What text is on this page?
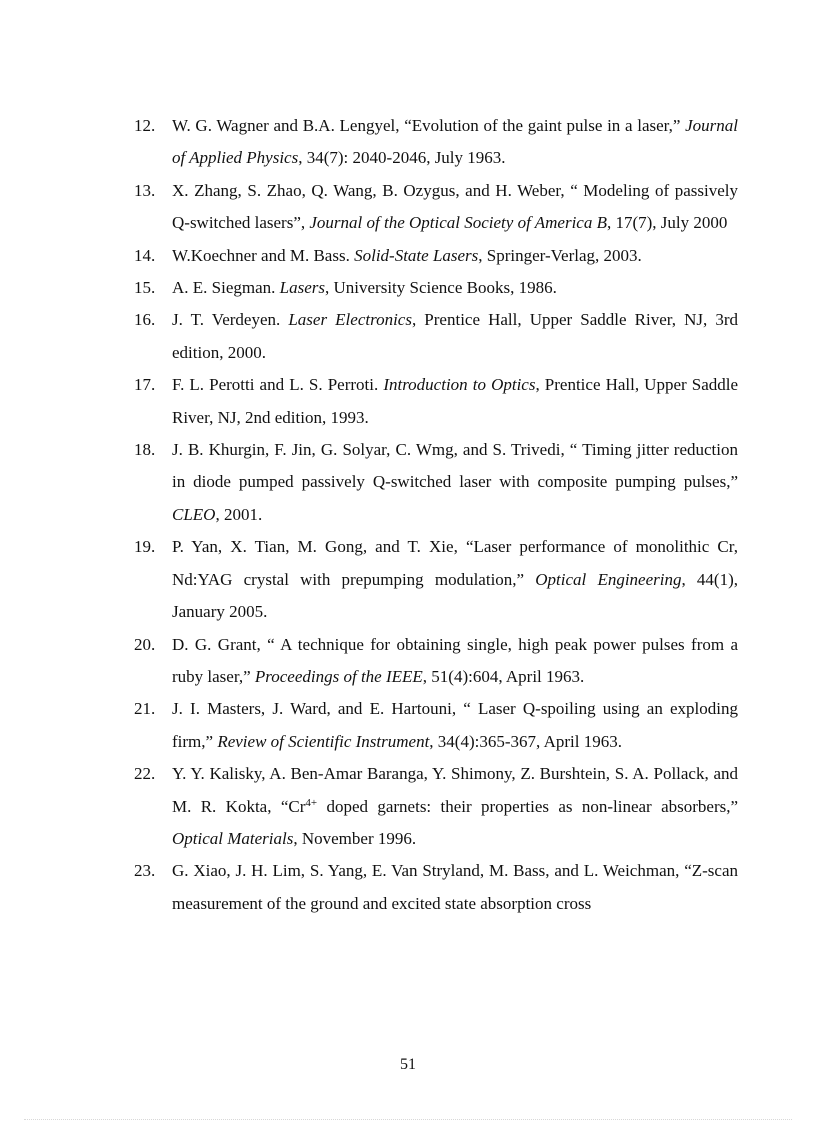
12. W. G. Wagner and B.A. Lengyel, “Evolution of the gaint pulse in a laser,” Journal of Applied Physics, 34(7): 2040-2046, July 1963.
13. X. Zhang, S. Zhao, Q. Wang, B. Ozygus, and H. Weber, “ Modeling of passively Q-switched lasers”, Journal of the Optical Society of America B, 17(7), July 2000
14. W.Koechner and M. Bass. Solid-State Lasers, Springer-Verlag, 2003.
15. A. E. Siegman. Lasers, University Science Books, 1986.
16. J. T. Verdeyen. Laser Electronics, Prentice Hall, Upper Saddle River, NJ, 3rd edition, 2000.
17. F. L. Perotti and L. S. Perroti. Introduction to Optics, Prentice Hall, Upper Saddle River, NJ, 2nd edition, 1993.
18. J. B. Khurgin, F. Jin, G. Solyar, C. Wmg, and S. Trivedi, “ Timing jitter reduction in diode pumped passively Q-switched laser with composite pumping pulses,” CLEO, 2001.
19. P. Yan, X. Tian, M. Gong, and T. Xie, “Laser performance of monolithic Cr, Nd:YAG crystal with prepumping modulation,” Optical Engineering, 44(1), January 2005.
20. D. G. Grant, “ A technique for obtaining single, high peak power pulses from a ruby laser,” Proceedings of the IEEE, 51(4):604, April 1963.
21. J. I. Masters, J. Ward, and E. Hartouni, “ Laser Q-spoiling using an exploding firm,” Review of Scientific Instrument, 34(4):365-367, April 1963.
22. Y. Y. Kalisky, A. Ben-Amar Baranga, Y. Shimony, Z. Burshtein, S. A. Pollack, and M. R. Kokta, “$Cr^{4+}$ doped garnets: their properties as non-linear absorbers,” Optical Materials, November 1996.
23. G. Xiao, J. H. Lim, S. Yang, E. Van Stryland, M. Bass, and L. Weichman, “Z-scan measurement of the ground and excited state absorption cross
51
